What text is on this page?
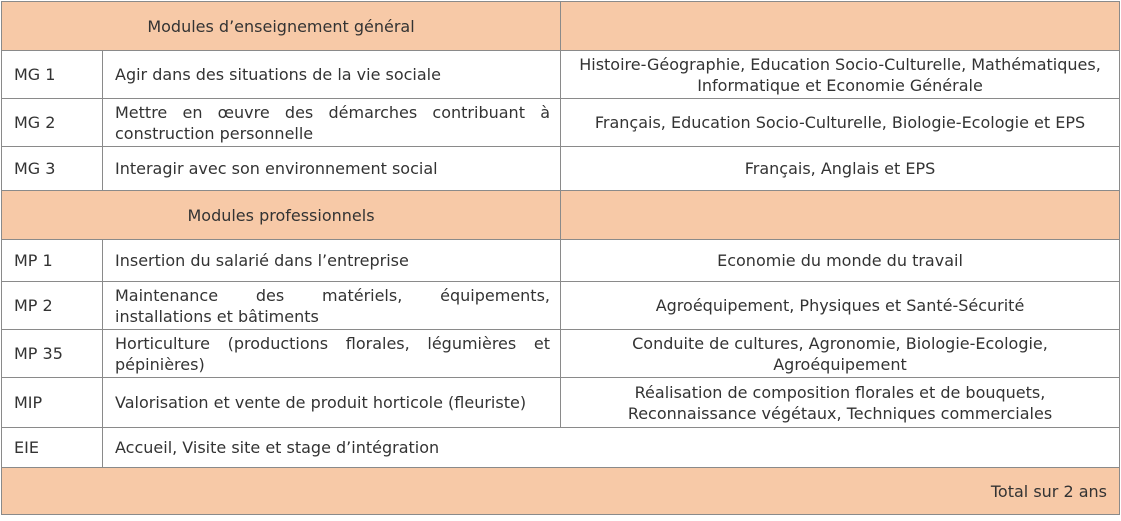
Modules d’enseignement général		
MG 1	Agir dans des situations de la vie sociale	Histoire-Géographie, Education Socio-Culturelle, Mathématiques, Informatique et Economie Générale
MG 2	Mettre en œuvre des démarches contribuant à construction personnelle	Français, Education Socio-Culturelle, Biologie-Ecologie et EPS
MG 3	Interagir avec son environnement social	Français, Anglais et EPS
Modules professionnels		
MP 1	Insertion du salarié dans l’entreprise	Economie du monde du travail
MP 2	Maintenance des matériels, équipements, installations et bâtiments	Agroéquipement, Physiques et Santé-Sécurité
MP 35	Horticulture (productions florales, légumières et pépinières)	Conduite de cultures, Agronomie, Biologie-Ecologie, Agroéquipement
MIP	Valorisation et vente de produit horticole (fleuriste)	Réalisation de composition florales et de bouquets, Reconnaissance végétaux, Techniques commerciales
EIE	Accueil, Visite site et stage d’intégration	
Total sur 2 ans		
